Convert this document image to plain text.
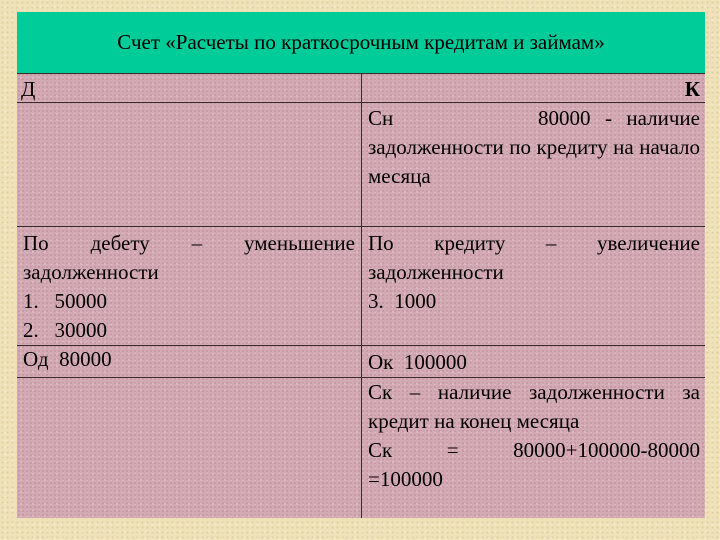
Счет «Расчеты по краткосрочным кредитам и займам»
Д	К
Сн          80000 - наличие
задолженности по кредиту на начало месяца
По дебету – уменьшение задолженности
1.   50000
2.   30000
Од  80000
По кредиту – увеличение задолженности
3.  1000
Ок  100000
Ск – наличие задолженности за кредит на конец месяца
Ск   =   80000+100000-80000
=100000
